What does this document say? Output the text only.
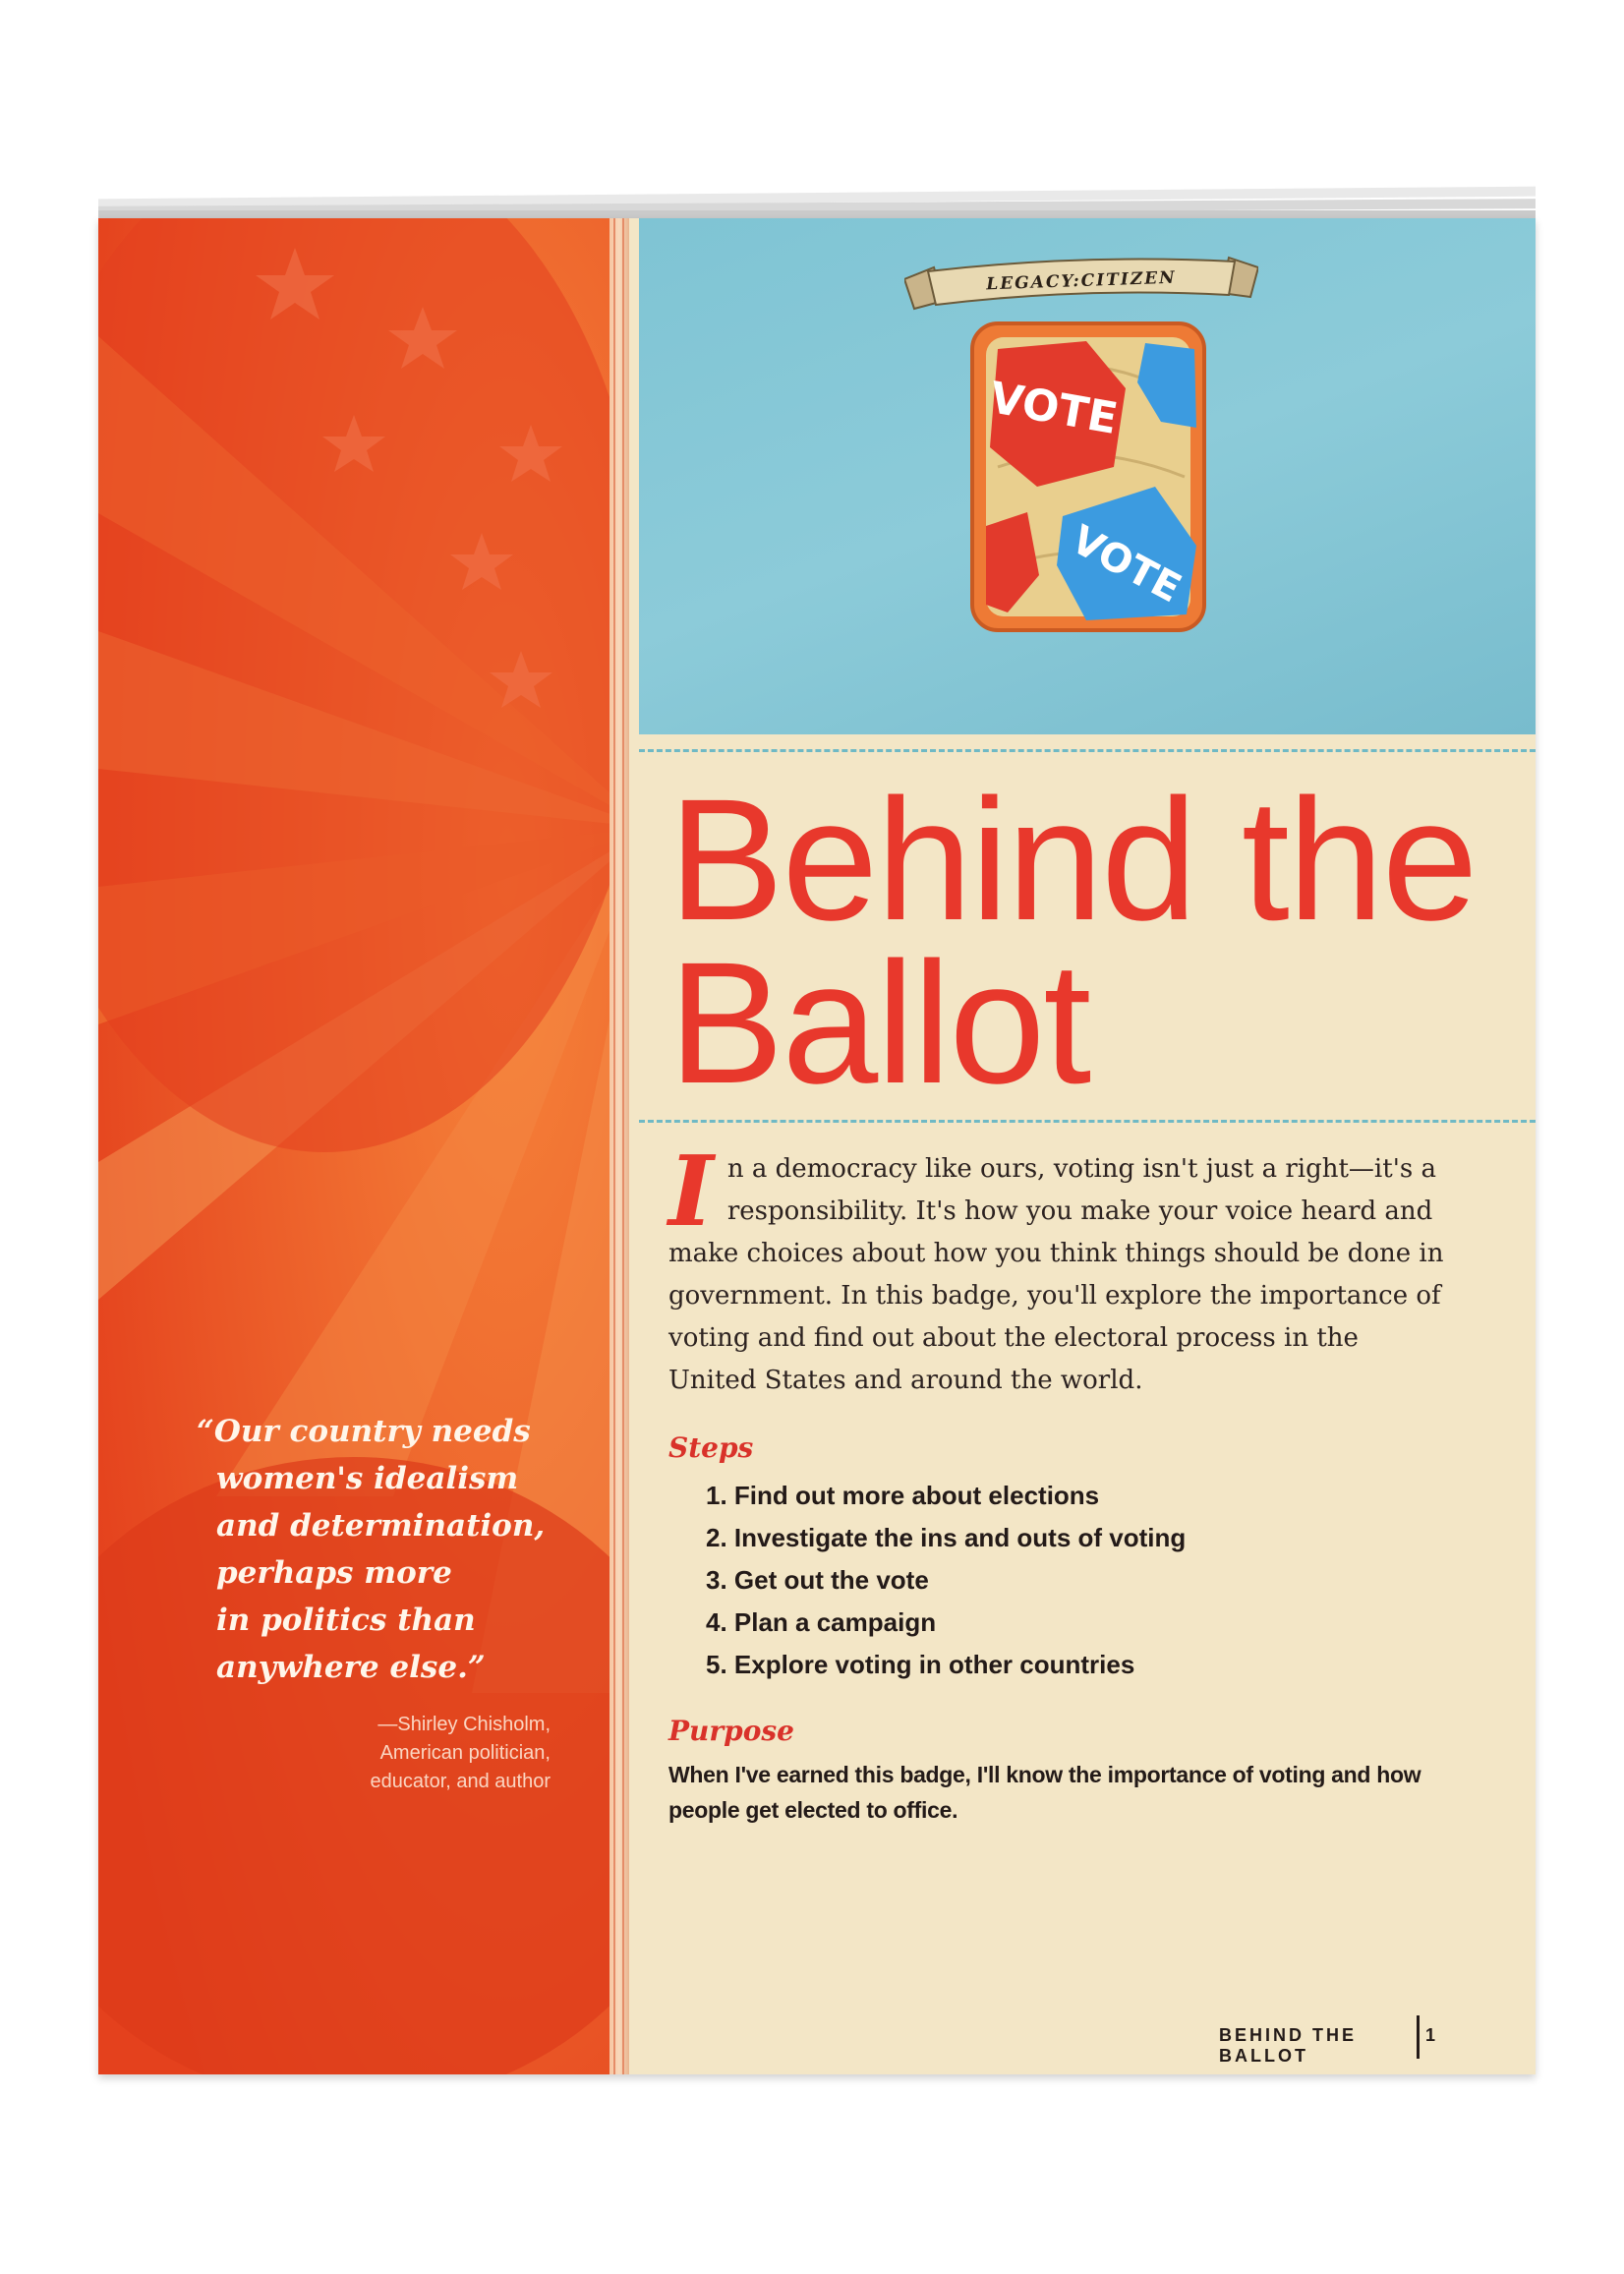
“Our country needs
women's idealism
and determination,
perhaps more
in politics than
anywhere else.”

—Shirley Chisholm,
American politician,
educator, and author

LEGACY:CITIZEN
VOTE
VOTE
Behind the
Ballot

In a democracy like ours, voting isn't just a right—it's a responsibility. It's how you make your voice heard and make choices about how you think things should be done in government. In this badge, you'll explore the importance of voting and find out about the electoral process in the United States and around the world.

Steps
1. Find out more about elections
2. Investigate the ins and outs of voting
3. Get out the vote
4. Plan a campaign
5. Explore voting in other countries
Purpose

When I've earned this badge, I'll know the importance of voting and how people get elected to office.

BEHIND THE BALLOT
1
